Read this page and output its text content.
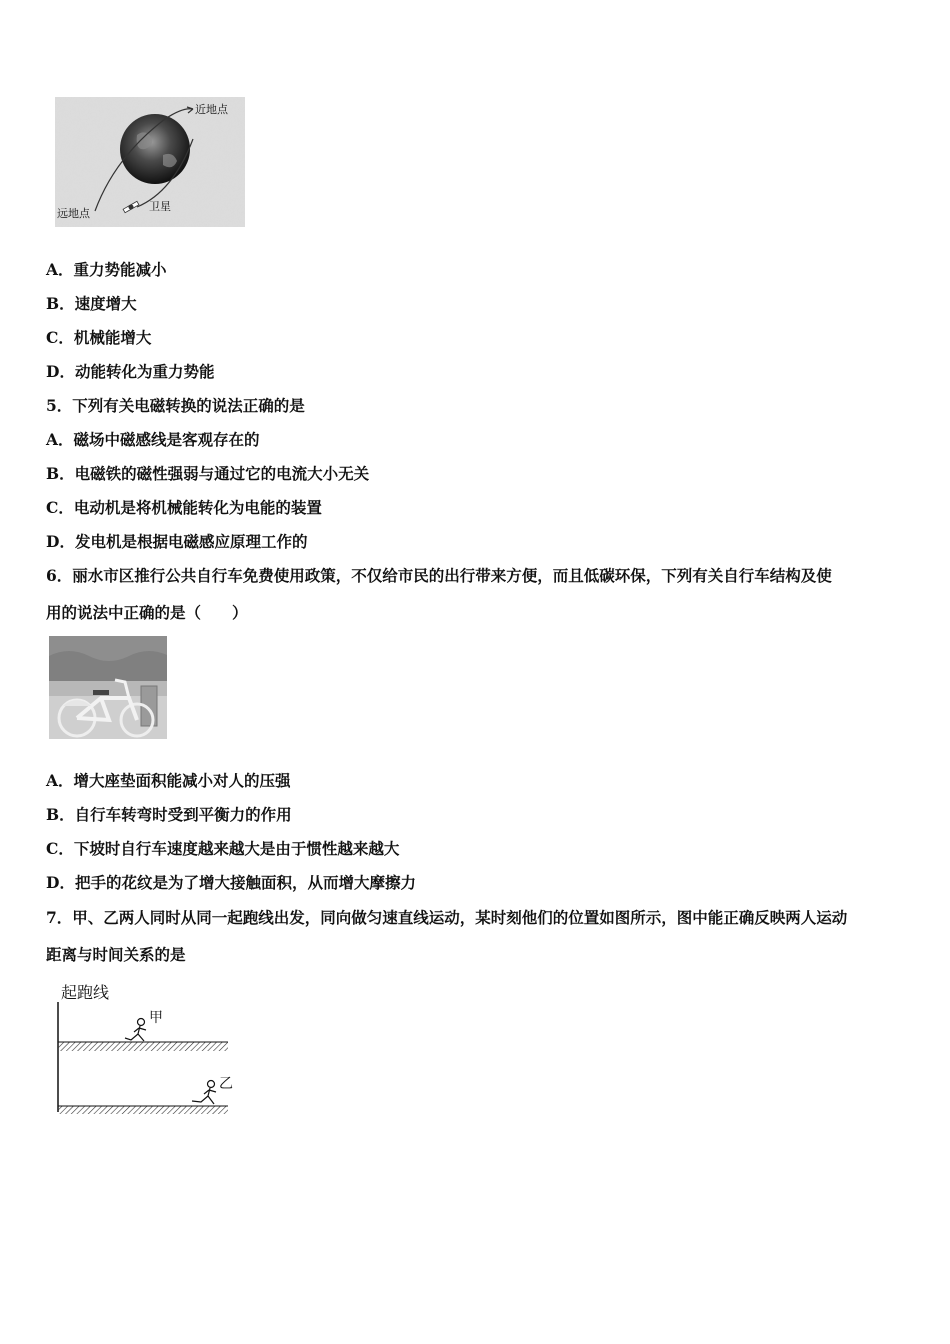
近地点
远地点
卫星
A．重力势能减小
B．速度增大
C．机械能增大
D．动能转化为重力势能
5．下列有关电磁转换的说法正确的是
A．磁场中磁感线是客观存在的
B．电磁铁的磁性强弱与通过它的电流大小无关
C．电动机是将机械能转化为电能的装置
D．发电机是根据电磁感应原理工作的
6．丽水市区推行公共自行车免费使用政策，不仅给市民的出行带来方便，而且低碳环保，下列有关自行车结构及使
用的说法中正确的是（　　）
A．增大座垫面积能减小对人的压强
B．自行车转弯时受到平衡力的作用
C．下坡时自行车速度越来越大是由于惯性越来越大
D．把手的花纹是为了增大接触面积，从而增大摩擦力
7．甲、乙两人同时从同一起跑线出发，同向做匀速直线运动，某时刻他们的位置如图所示，图中能正确反映两人运动
距离与时间关系的是
起跑线
甲
乙
